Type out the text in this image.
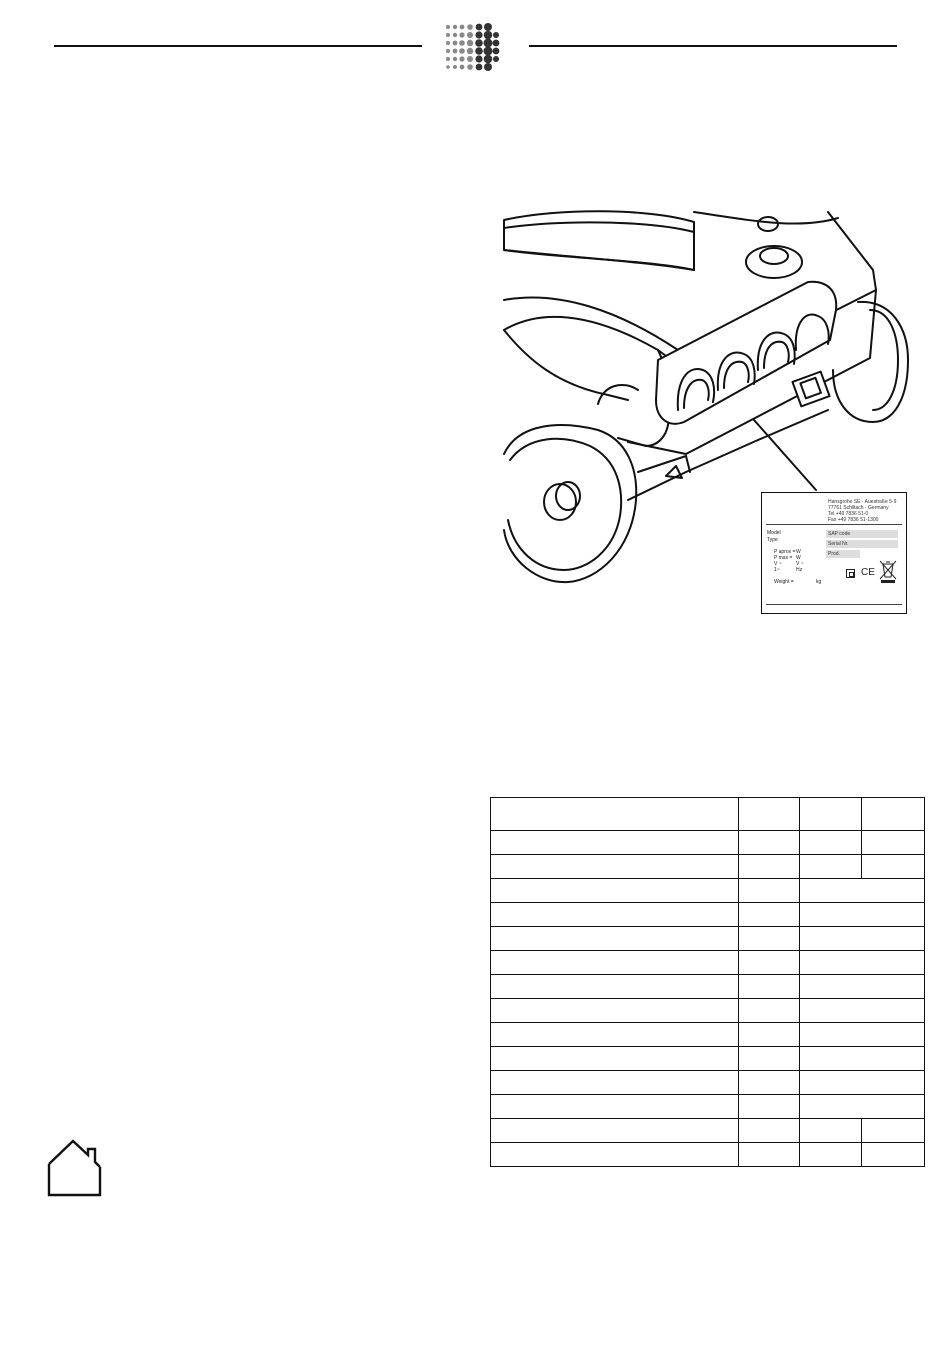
Hansgrohe SE · Auestraße 5-9
77761 Schiltach · Germany
Tel +49 7836 51-0
Fax +49 7836 51-1300
Model
Type
SAP code
Serial Nr.
Prod.
P aprox = W
P max = W
V ~	V ~
1~	Hz
Weight =	kg
CE
